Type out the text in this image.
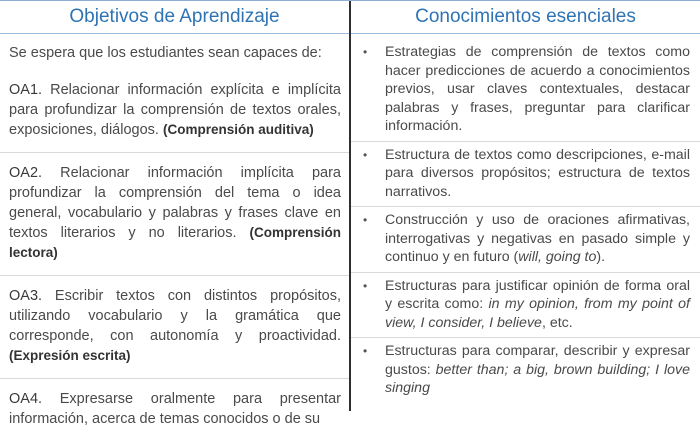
Objetivos de Aprendizaje
Se espera que los estudiantes sean capaces de:
OA1. Relacionar información explícita e implícita para profundizar la comprensión de textos orales, exposiciones, diálogos. (Comprensión auditiva)
OA2. Relacionar información implícita para profundizar la comprensión del tema o idea general, vocabulario y palabras y frases clave en textos literarios y no literarios. (Comprensión lectora)
OA3. Escribir textos con distintos propósitos, utilizando vocabulario y la gramática que corresponde, con autonomía y proactividad. (Expresión escrita)
OA4. Expresarse oralmente para presentar información, acerca de temas conocidos o de su
Conocimientos esenciales
• Estrategias de comprensión de textos como hacer predicciones de acuerdo a conocimientos previos, usar claves contextuales, destacar palabras y frases, preguntar para clarificar información.
• Estructura de textos como descripciones, e-mail para diversos propósitos; estructura de textos narrativos.
• Construcción y uso de oraciones afirmativas, interrogativas y negativas en pasado simple y continuo y en futuro (will, going to).
• Estructuras para justificar opinión de forma oral y escrita como: in my opinion, from my point of view, I consider, I believe, etc.
• Estructuras para comparar, describir y expresar gustos: better than; a big, brown building; I love singing
